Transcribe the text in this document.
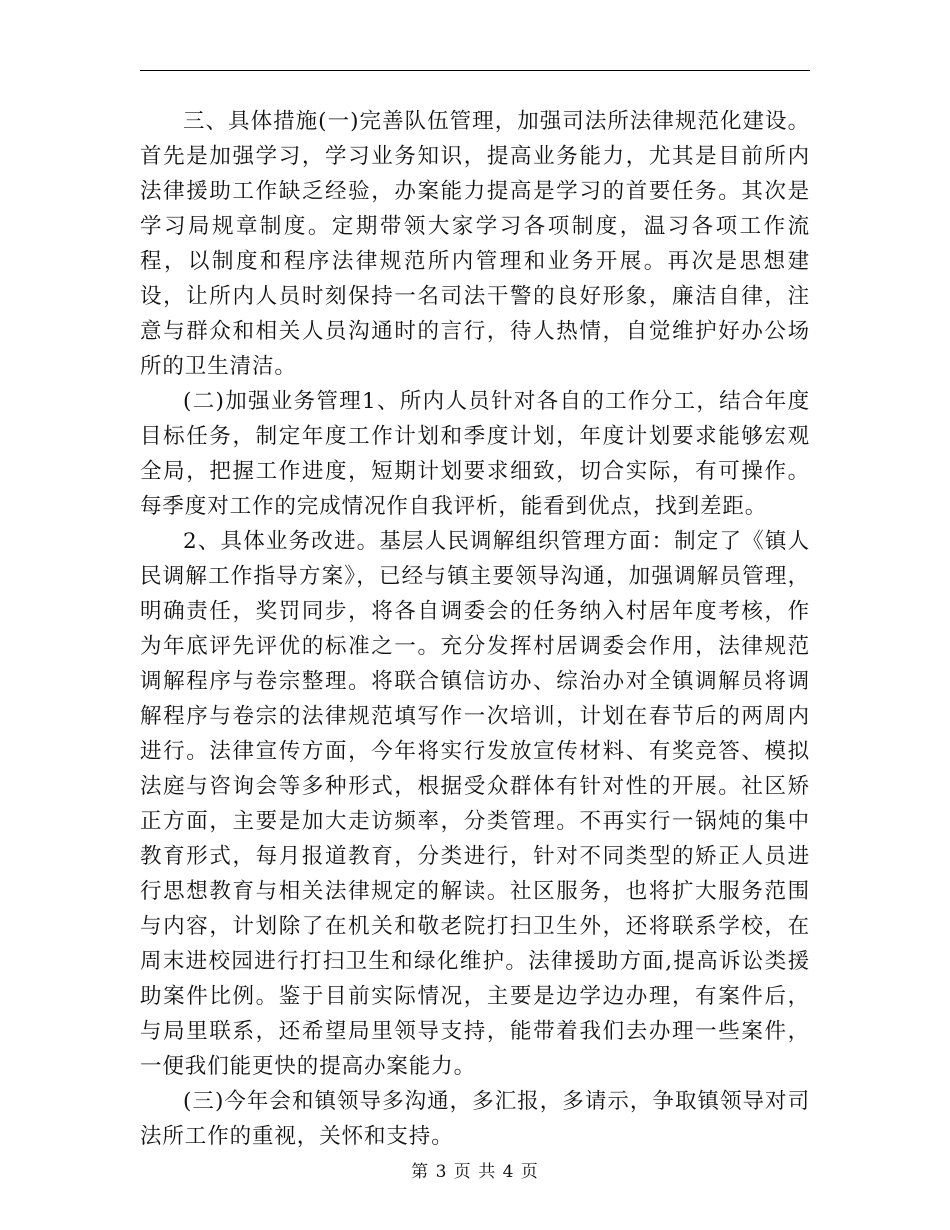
三、具体措施(一)完善队伍管理，加强司法所法律规范化建设。首先是加强学习，学习业务知识，提高业务能力，尤其是目前所内法律援助工作缺乏经验，办案能力提高是学习的首要任务。其次是学习局规章制度。定期带领大家学习各项制度，温习各项工作流程，以制度和程序法律规范所内管理和业务开展。再次是思想建设，让所内人员时刻保持一名司法干警的良好形象，廉洁自律，注意与群众和相关人员沟通时的言行，待人热情，自觉维护好办公场所的卫生清洁。

(二)加强业务管理1、所内人员针对各自的工作分工，结合年度目标任务，制定年度工作计划和季度计划，年度计划要求能够宏观全局，把握工作进度，短期计划要求细致，切合实际，有可操作。每季度对工作的完成情况作自我评析，能看到优点，找到差距。

2、具体业务改进。基层人民调解组织管理方面：制定了《镇人民调解工作指导方案》，已经与镇主要领导沟通，加强调解员管理，明确责任，奖罚同步，将各自调委会的任务纳入村居年度考核，作为年底评先评优的标准之一。充分发挥村居调委会作用，法律规范调解程序与卷宗整理。将联合镇信访办、综治办对全镇调解员将调解程序与卷宗的法律规范填写作一次培训，计划在春节后的两周内进行。法律宣传方面，今年将实行发放宣传材料、有奖竞答、模拟法庭与咨询会等多种形式，根据受众群体有针对性的开展。社区矫正方面，主要是加大走访频率，分类管理。不再实行一锅炖的集中教育形式，每月报道教育，分类进行，针对不同类型的矫正人员进行思想教育与相关法律规定的解读。社区服务，也将扩大服务范围与内容，计划除了在机关和敬老院打扫卫生外，还将联系学校，在周末进校园进行打扫卫生和绿化维护。法律援助方面,提高诉讼类援助案件比例。鉴于目前实际情况，主要是边学边办理，有案件后，与局里联系，还希望局里领导支持，能带着我们去办理一些案件，一便我们能更快的提高办案能力。

(三)今年会和镇领导多沟通，多汇报，多请示，争取镇领导对司法所工作的重视，关怀和支持。

第 3 页 共 4 页
